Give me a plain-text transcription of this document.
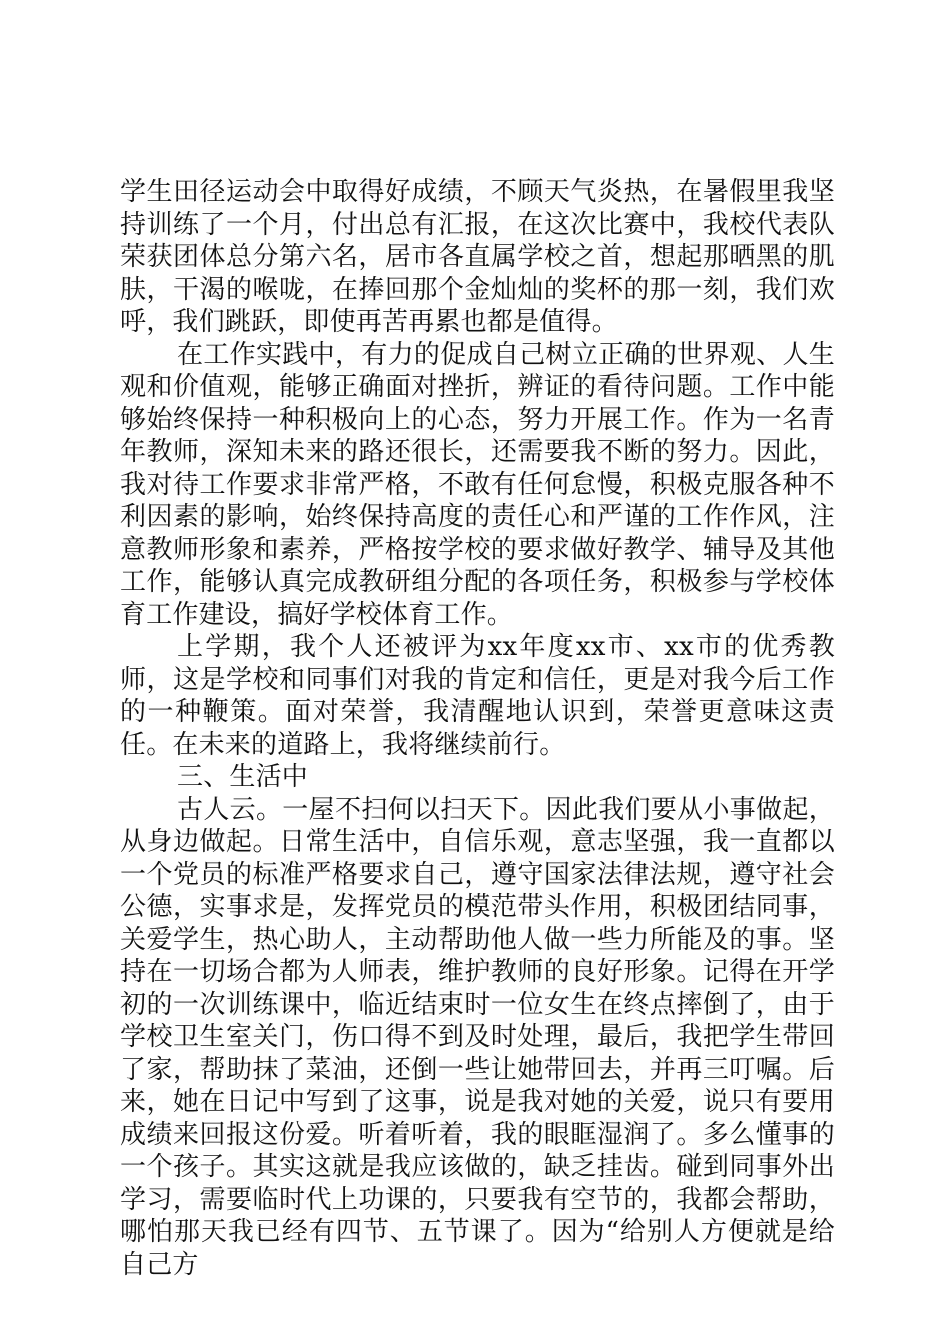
学生田径运动会中取得好成绩，不顾天气炎热，在暑假里我坚持训练了一个月，付出总有汇报，在这次比赛中，我校代表队荣获团体总分第六名，居市各直属学校之首，想起那晒黑的肌肤，干渴的喉咙，在捧回那个金灿灿的奖杯的那一刻，我们欢呼，我们跳跃，即使再苦再累也都是值得。

在工作实践中，有力的促成自己树立正确的世界观、人生观和价值观，能够正确面对挫折，辨证的看待问题。工作中能够始终保持一种积极向上的心态，努力开展工作。作为一名青年教师，深知未来的路还很长，还需要我不断的努力。因此，我对待工作要求非常严格，不敢有任何怠慢，积极克服各种不利因素的影响，始终保持高度的责任心和严谨的工作作风，注意教师形象和素养，严格按学校的要求做好教学、辅导及其他工作，能够认真完成教研组分配的各项任务，积极参与学校体育工作建设，搞好学校体育工作。

上学期，我个人还被评为xx年度xx市、xx市的优秀教师，这是学校和同事们对我的肯定和信任，更是对我今后工作的一种鞭策。面对荣誉，我清醒地认识到，荣誉更意味这责任。在未来的道路上，我将继续前行。

三、生活中

古人云。一屋不扫何以扫天下。因此我们要从小事做起，从身边做起。日常生活中，自信乐观，意志坚强，我一直都以一个党员的标准严格要求自己，遵守国家法律法规，遵守社会公德，实事求是，发挥党员的模范带头作用，积极团结同事，关爱学生，热心助人，主动帮助他人做一些力所能及的事。坚持在一切场合都为人师表，维护教师的良好形象。记得在开学初的一次训练课中，临近结束时一位女生在终点摔倒了，由于学校卫生室关门，伤口得不到及时处理，最后，我把学生带回了家，帮助抹了菜油，还倒一些让她带回去，并再三叮嘱。后来，她在日记中写到了这事，说是我对她的关爱，说只有要用成绩来回报这份爱。听着听着，我的眼眶湿润了。多么懂事的一个孩子。其实这就是我应该做的，缺乏挂齿。碰到同事外出学习，需要临时代上功课的，只要我有空节的，我都会帮助，哪怕那天我已经有四节、五节课了。因为“给别人方便就是给自己方
